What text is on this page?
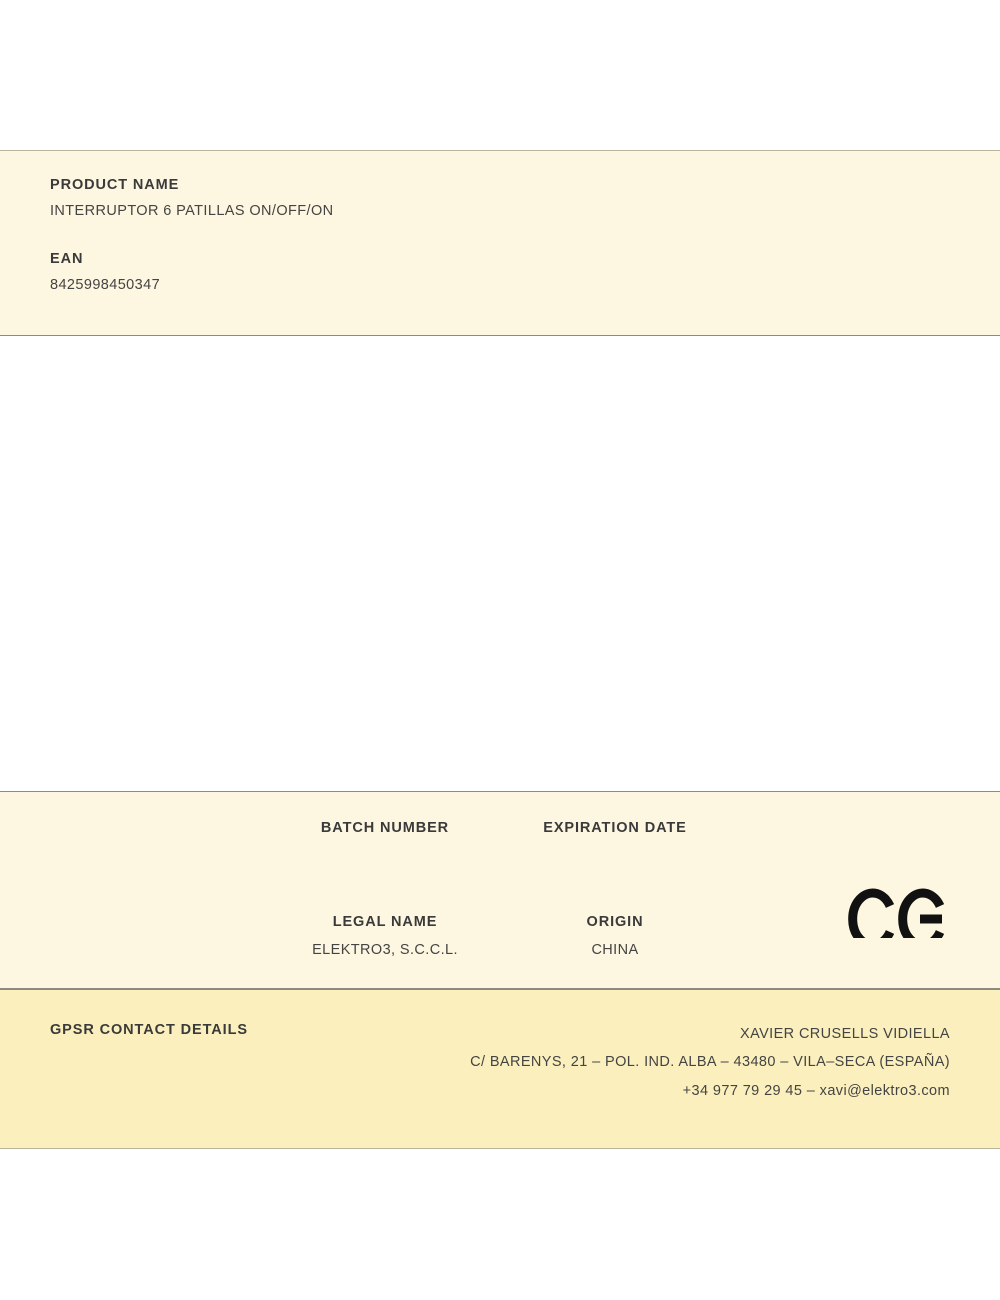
PRODUCT NAME

INTERRUPTOR 6 PATILLAS ON/OFF/ON

EAN

8425998450347

BATCH NUMBER	EXPIRATION DATE

LEGAL NAME

ELEKTRO3, S.C.C.L.

ORIGIN

CHINA

GPSR CONTACT DETAILS	XAVIER CRUSELLS VIDIELLA
C/ BARENYS, 21 – POL. IND. ALBA – 43480 – VILA–SECA (ESPAÑA)
+34 977 79 29 45 – xavi@elektro3.com
